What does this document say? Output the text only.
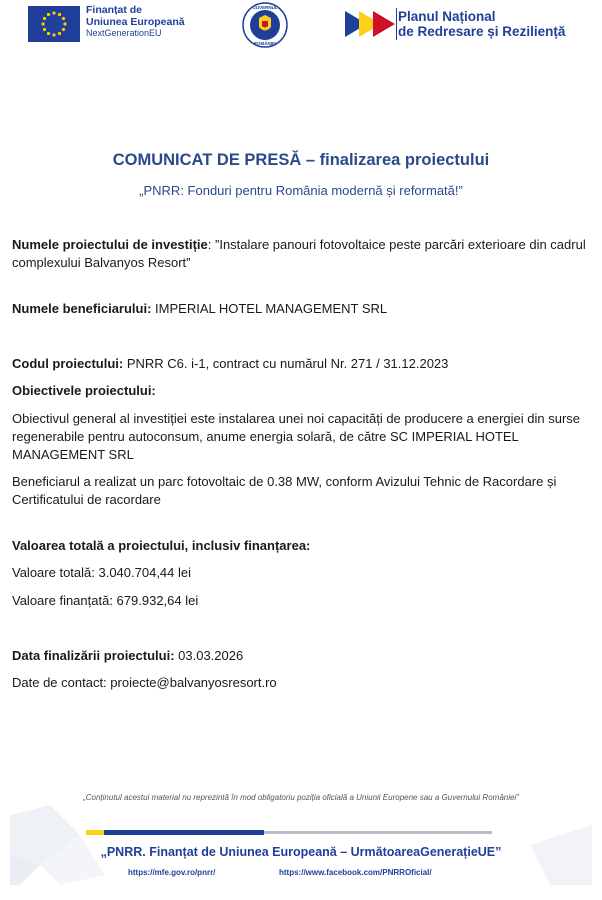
Finanțat de
Uniunea Europeană
NextGenerationEU
GUVERNUL
ROMÂNIEI
Planul Național
de Redresare și Reziliență
COMUNICAT DE PRESĂ – finalizarea proiectului
„PNRR: Fonduri pentru România modernă și reformată!”
Numele proiectului de investiție: ”Instalare panouri fotovoltaice peste parcări exterioare din cadrul complexului Balvanyos Resort”
Numele beneficiarului: IMPERIAL HOTEL MANAGEMENT SRL
Codul proiectului: PNRR C6. i-1, contract cu numărul Nr. 271 / 31.12.2023
Obiectivele proiectului:
Obiectivul general al investiției este instalarea unei noi capacități de producere a energiei din surse regenerabile pentru autoconsum, anume energia solară, de către SC IMPERIAL HOTEL MANAGEMENT SRL
Beneficiarul a realizat un parc fotovoltaic de 0.38 MW, conform Avizului Tehnic de Racordare și Certificatului de racordare
Valoarea totală a proiectului, inclusiv finanțarea:
Valoare totală: 3.040.704,44 lei
Valoare finanțată: 679.932,64 lei
Data finalizării proiectului: 03.03.2026
Date de contact: proiecte@balvanyosresort.ro
„Conținutul acestui material nu reprezintă în mod obligatoriu poziția oficială a Uniunii Europene sau a Guvernului României”
„PNRR. Finanțat de Uniunea Europeană – UrmătoareaGenerațieUE”
https://mfe.gov.ro/pnrr/	https://www.facebook.com/PNRROficial/
